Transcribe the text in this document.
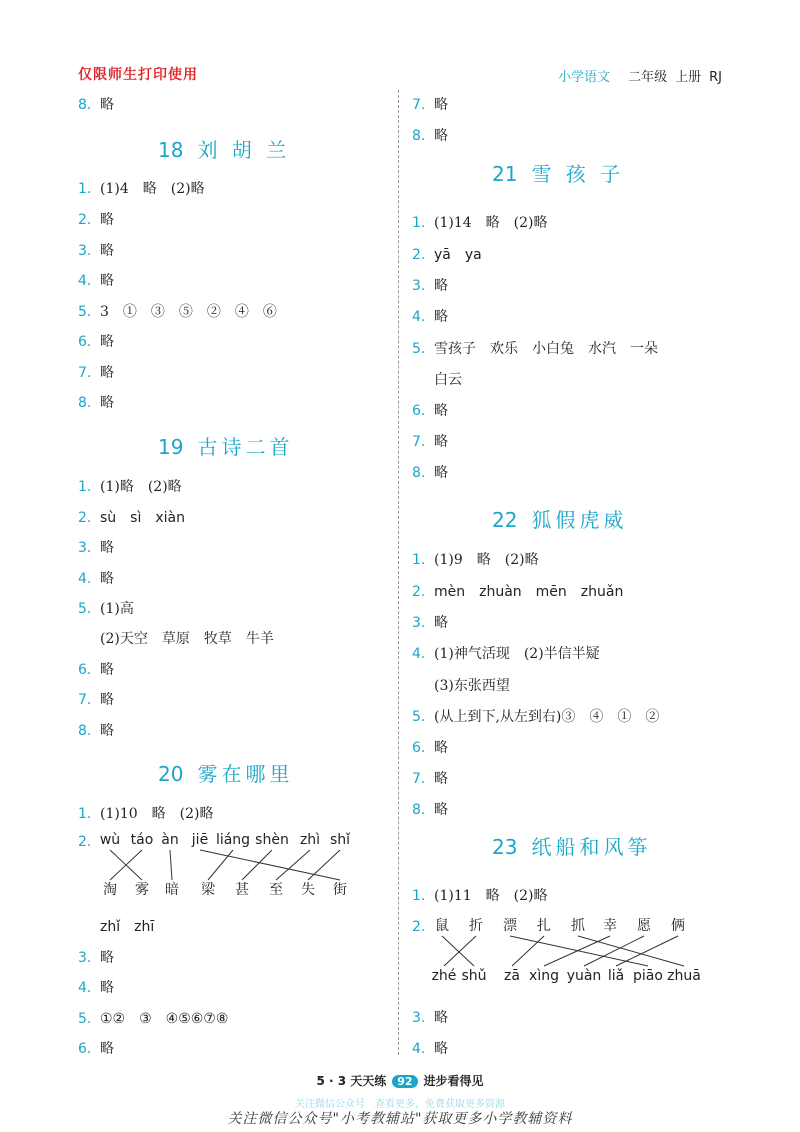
仅限师生打印使用	小学语文 二年级 上册 RJ
8. 略
18 刘 胡 兰
1. (1)4　略　(2)略
2. 略
3. 略
4. 略
5. 3　①　③　⑤　②　④　⑥
6. 略
7. 略
8. 略
19 古诗二首
1. (1)略　(2)略
2. sù　sì　xiàn
3. 略
4. 略
5. (1)高
(2)天空　草原　牧草　牛羊
6. 略
7. 略
8. 略
20 雾在哪里
1. (1)10　略　(2)略
2. wù táo àn jiē liáng shèn zhì shǐ
淘 雾 暗 梁 甚 至 失 街
zhǐ　zhī
3. 略
4. 略
5. ①②　③　④⑤⑥⑦⑧
6. 略
7. 略
8. 略
21 雪 孩 子
1. (1)14　略　(2)略
2. yā　ya
3. 略
4. 略
5. 雪孩子　欢乐　小白兔　水汽　一朵
白云
6. 略
7. 略
8. 略
22 狐假虎威
1. (1)9　略　(2)略
2. mèn　zhuàn　mēn　zhuǎn
3. 略
4. (1)神气活现　(2)半信半疑
(3)东张西望
5. (从上到下,从左到右)③　④　①　②
6. 略
7. 略
8. 略
23 纸船和风筝
1. (1)11　略　(2)略
2. 鼠 折 漂 扎 抓 幸 愿 俩
zhé shǔ zā xìng yuàn liǎ piāo zhuā
3. 略
4. 略
5 · 3 天天练 92 进步看得见
关注微信公众号　查看更多，免费获取更多资源
关注微信公众号"小考教辅站"获取更多小学教辅资料
